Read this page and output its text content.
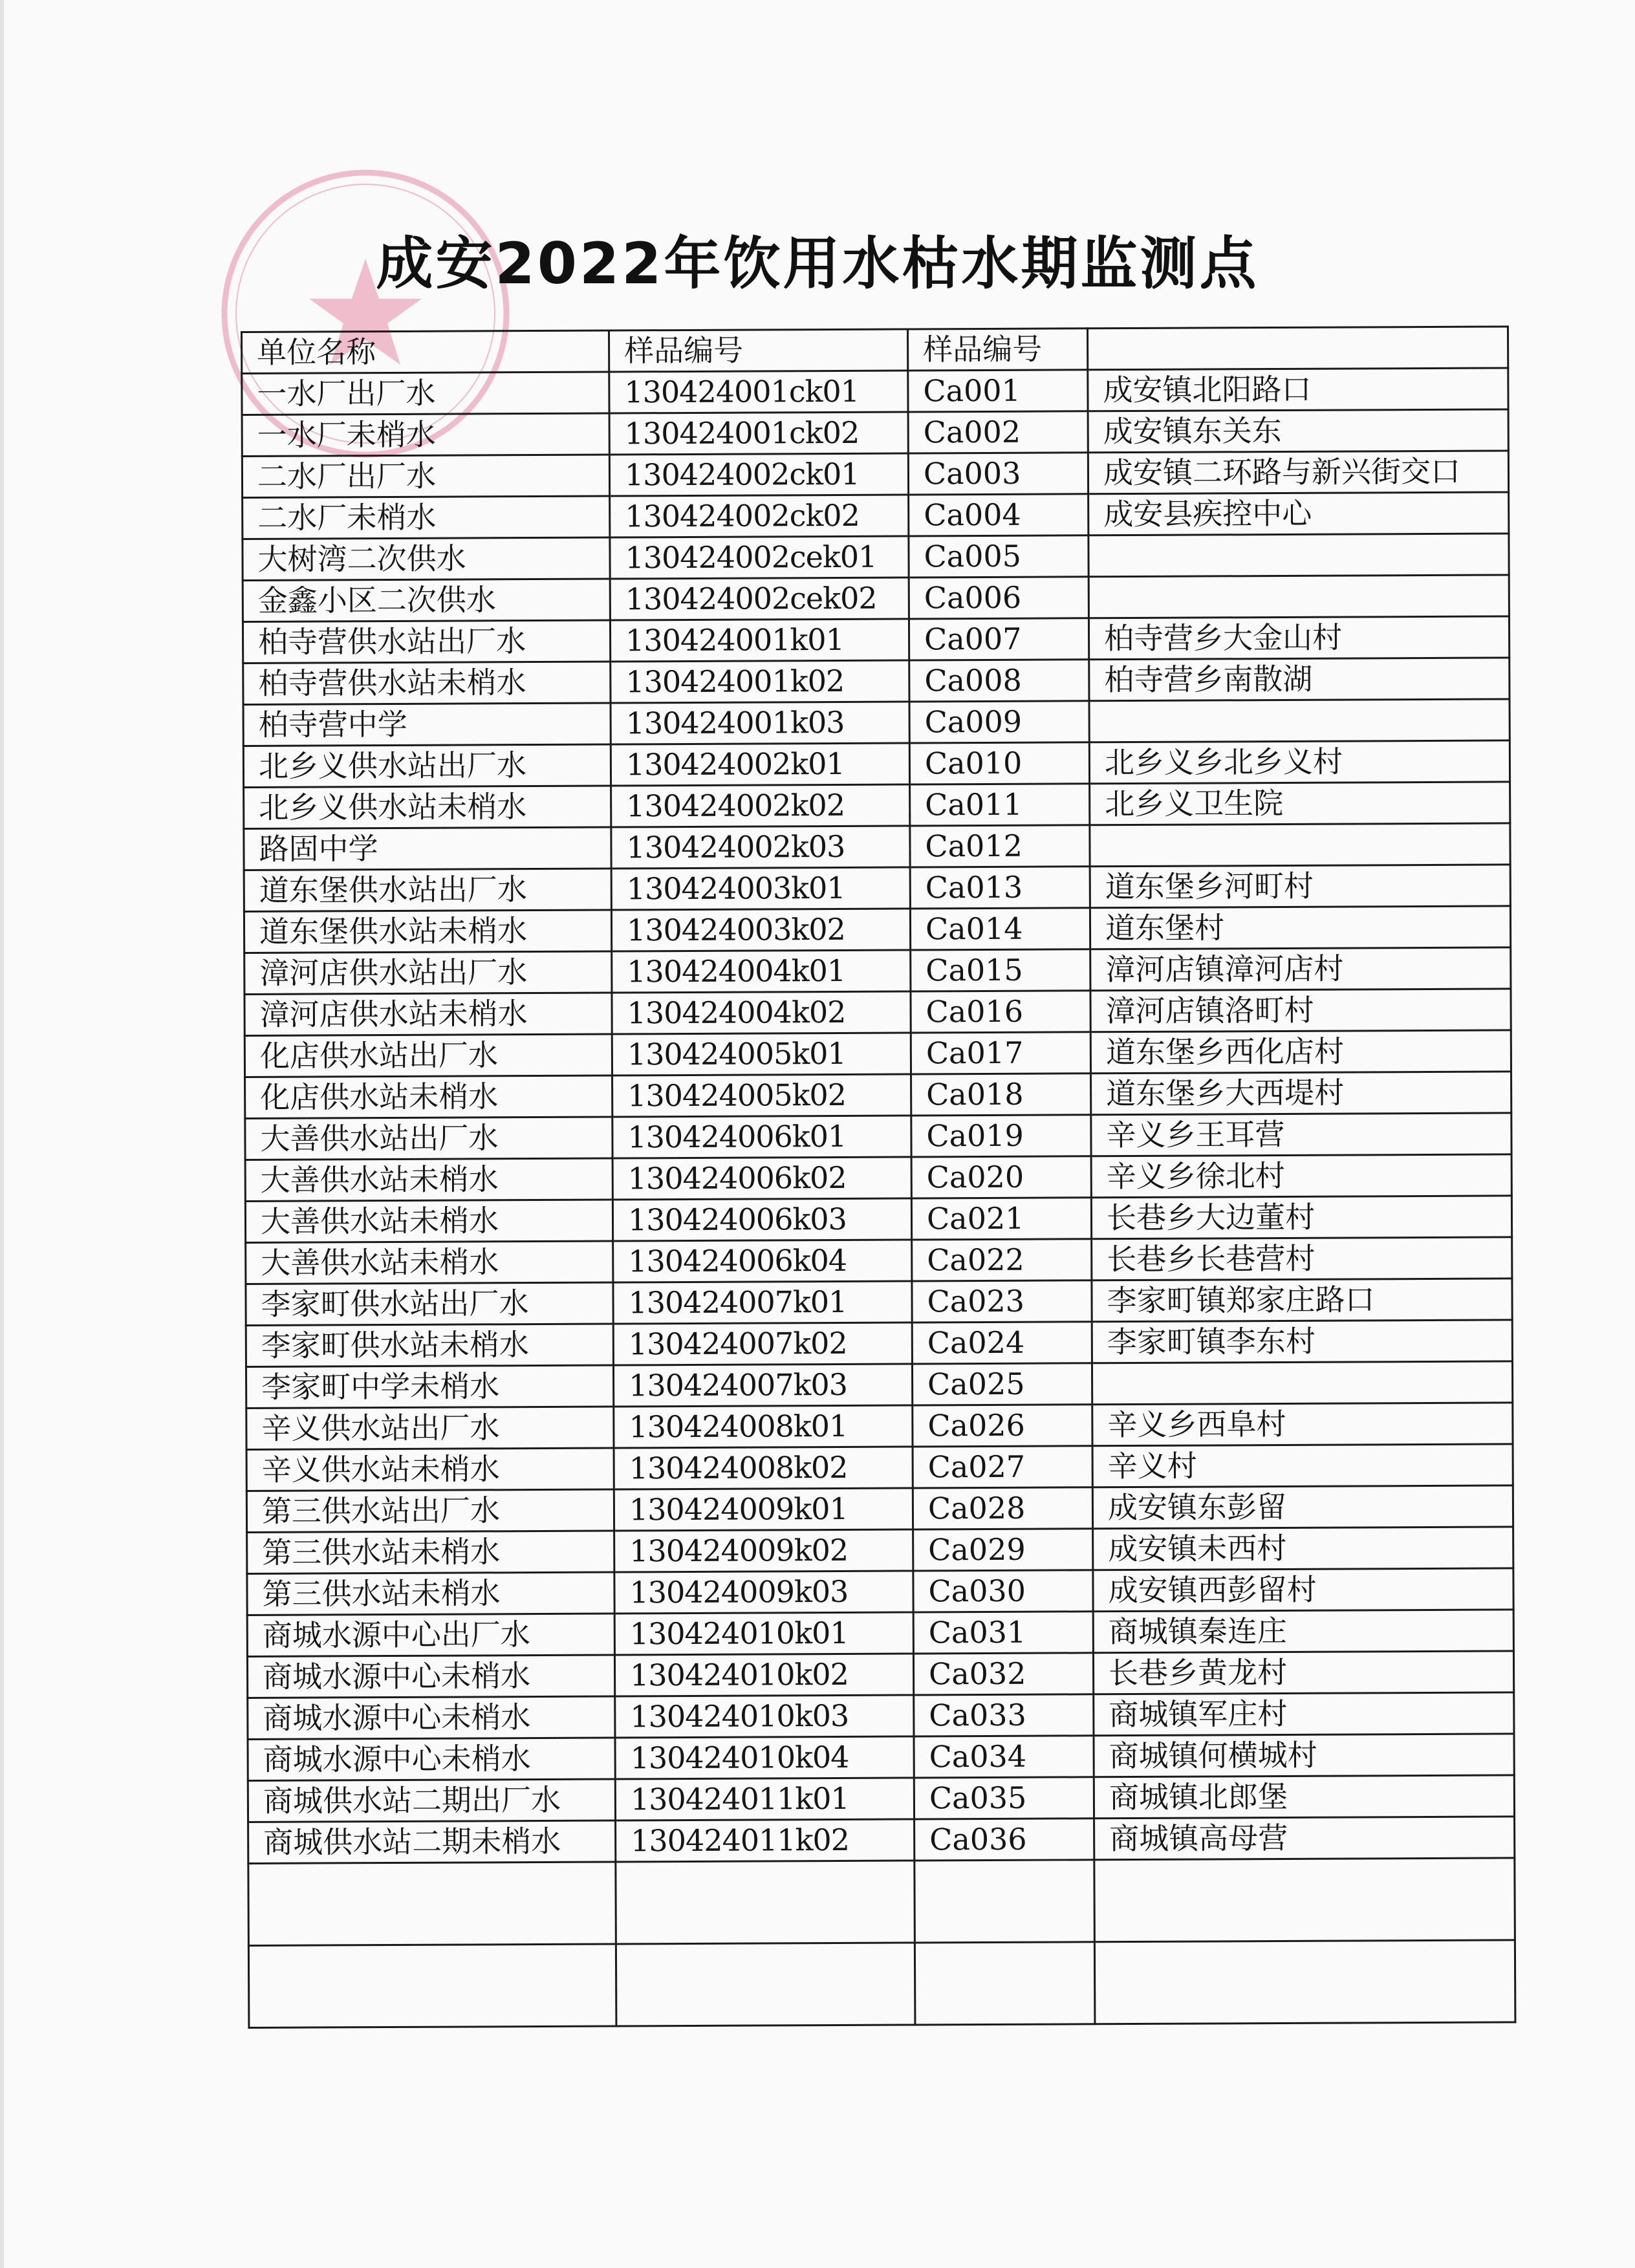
成安2022年饮用水枯水期监测点
单位名称	样品编号	样品编号	
一水厂出厂水	130424001ck01	Ca001	成安镇北阳路口
一水厂未梢水	130424001ck02	Ca002	成安镇东关东
二水厂出厂水	130424002ck01	Ca003	成安镇二环路与新兴街交口
二水厂未梢水	130424002ck02	Ca004	成安县疾控中心
大树湾二次供水	130424002cek01	Ca005	
金鑫小区二次供水	130424002cek02	Ca006	
柏寺营供水站出厂水	130424001k01	Ca007	柏寺营乡大金山村
柏寺营供水站未梢水	130424001k02	Ca008	柏寺营乡南散湖
柏寺营中学	130424001k03	Ca009	
北乡义供水站出厂水	130424002k01	Ca010	北乡义乡北乡义村
北乡义供水站未梢水	130424002k02	Ca011	北乡义卫生院
路固中学	130424002k03	Ca012	
道东堡供水站出厂水	130424003k01	Ca013	道东堡乡河町村
道东堡供水站未梢水	130424003k02	Ca014	道东堡村
漳河店供水站出厂水	130424004k01	Ca015	漳河店镇漳河店村
漳河店供水站未梢水	130424004k02	Ca016	漳河店镇洛町村
化店供水站出厂水	130424005k01	Ca017	道东堡乡西化店村
化店供水站未梢水	130424005k02	Ca018	道东堡乡大西堤村
大善供水站出厂水	130424006k01	Ca019	辛义乡王耳营
大善供水站未梢水	130424006k02	Ca020	辛义乡徐北村
大善供水站未梢水	130424006k03	Ca021	长巷乡大边董村
大善供水站未梢水	130424006k04	Ca022	长巷乡长巷营村
李家町供水站出厂水	130424007k01	Ca023	李家町镇郑家庄路口
李家町供水站未梢水	130424007k02	Ca024	李家町镇李东村
李家町中学未梢水	130424007k03	Ca025	
辛义供水站出厂水	130424008k01	Ca026	辛义乡西阜村
辛义供水站未梢水	130424008k02	Ca027	辛义村
第三供水站出厂水	130424009k01	Ca028	成安镇东彭留
第三供水站未梢水	130424009k02	Ca029	成安镇未西村
第三供水站未梢水	130424009k03	Ca030	成安镇西彭留村
商城水源中心出厂水	130424010k01	Ca031	商城镇秦连庄
商城水源中心未梢水	130424010k02	Ca032	长巷乡黄龙村
商城水源中心未梢水	130424010k03	Ca033	商城镇军庄村
商城水源中心未梢水	130424010k04	Ca034	商城镇何横城村
商城供水站二期出厂水	130424011k01	Ca035	商城镇北郎堡
商城供水站二期未梢水	130424011k02	Ca036	商城镇高母营
